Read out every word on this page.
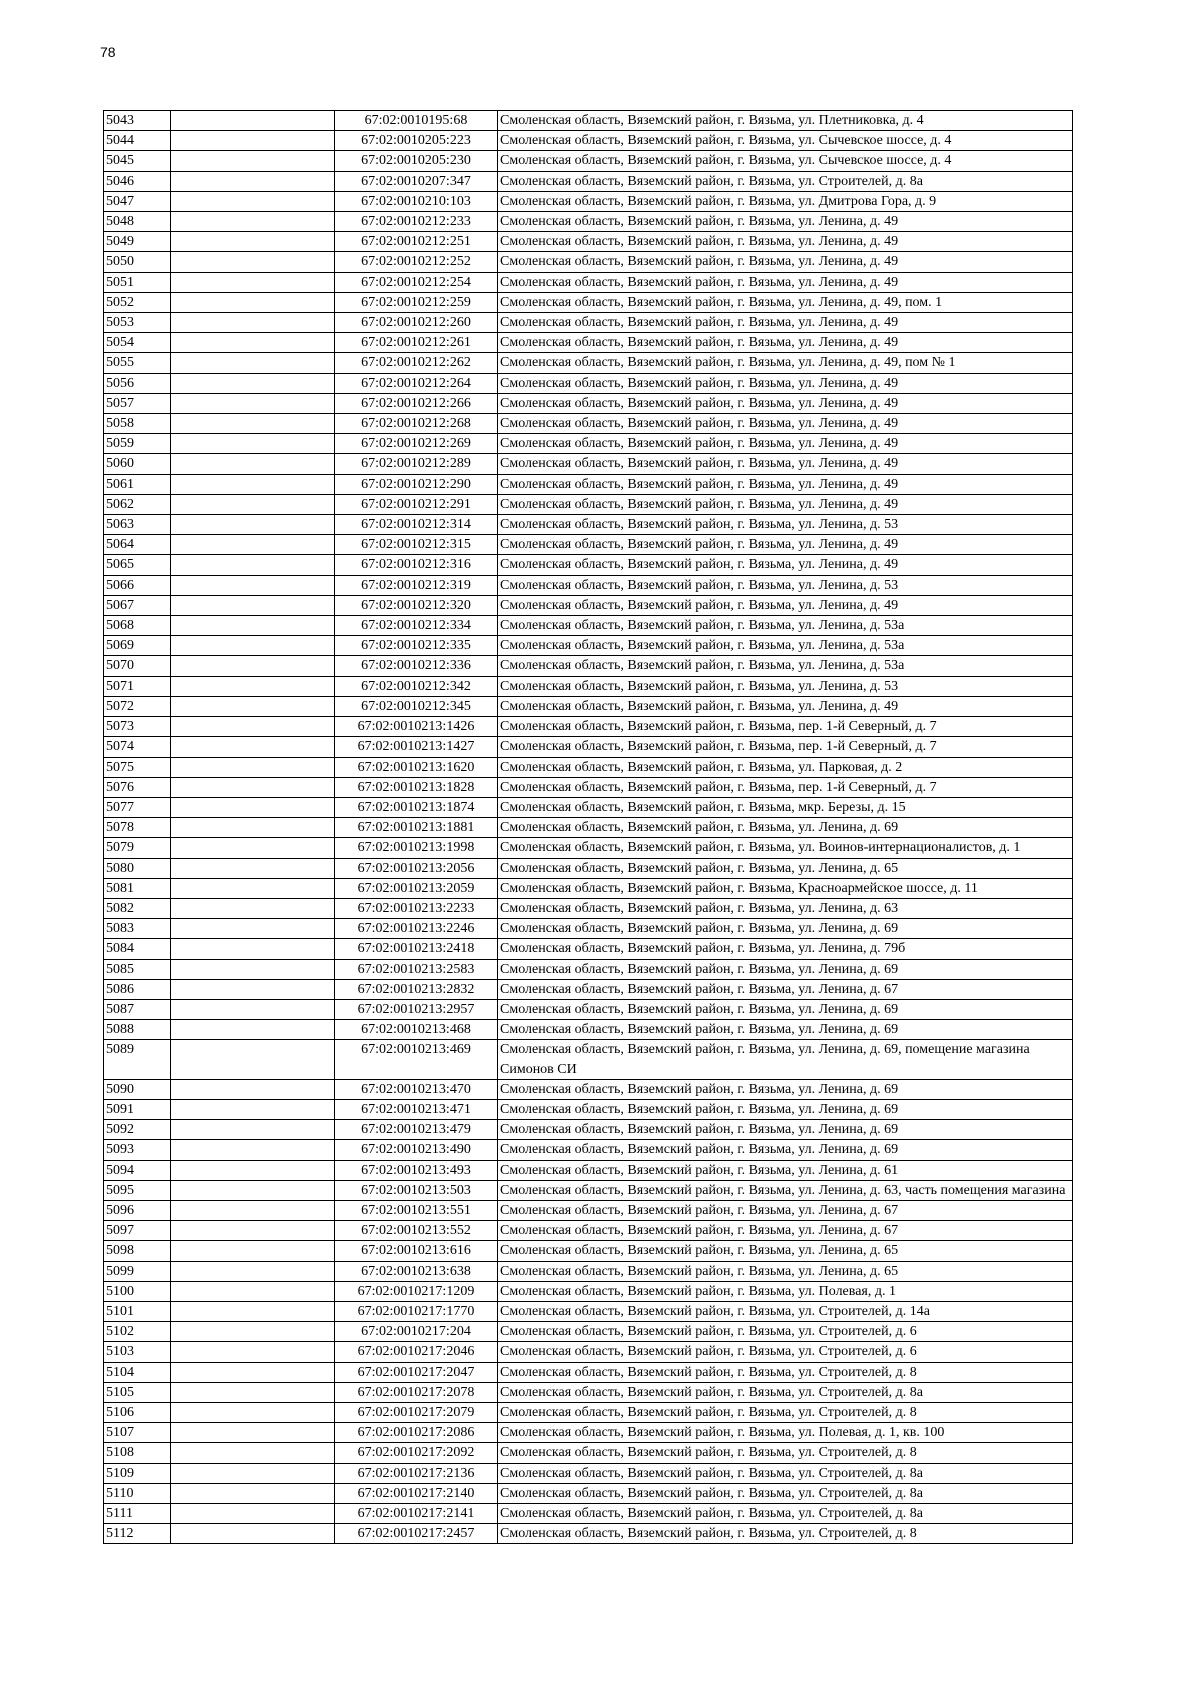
78
5043		67:02:0010195:68	Смоленская область, Вяземский район, г. Вязьма, ул. Плетниковка, д. 4
5044		67:02:0010205:223	Смоленская область, Вяземский район, г. Вязьма, ул. Сычевское шоссе, д. 4
5045		67:02:0010205:230	Смоленская область, Вяземский район, г. Вязьма, ул. Сычевское шоссе, д. 4
5046		67:02:0010207:347	Смоленская область, Вяземский район, г. Вязьма, ул. Строителей, д. 8а
5047		67:02:0010210:103	Смоленская область, Вяземский район, г. Вязьма, ул. Дмитрова Гора, д. 9
5048		67:02:0010212:233	Смоленская область, Вяземский район, г. Вязьма, ул. Ленина, д. 49
5049		67:02:0010212:251	Смоленская область, Вяземский район, г. Вязьма, ул. Ленина, д. 49
5050		67:02:0010212:252	Смоленская область, Вяземский район, г. Вязьма, ул. Ленина, д. 49
5051		67:02:0010212:254	Смоленская область, Вяземский район, г. Вязьма, ул. Ленина, д. 49
5052		67:02:0010212:259	Смоленская область, Вяземский район, г. Вязьма, ул. Ленина, д. 49, пом. 1
5053		67:02:0010212:260	Смоленская область, Вяземский район, г. Вязьма, ул. Ленина, д. 49
5054		67:02:0010212:261	Смоленская область, Вяземский район, г. Вязьма, ул. Ленина, д. 49
5055		67:02:0010212:262	Смоленская область, Вяземский район, г. Вязьма, ул. Ленина, д. 49, пом № 1
5056		67:02:0010212:264	Смоленская область, Вяземский район, г. Вязьма, ул. Ленина, д. 49
5057		67:02:0010212:266	Смоленская область, Вяземский район, г. Вязьма, ул. Ленина, д. 49
5058		67:02:0010212:268	Смоленская область, Вяземский район, г. Вязьма, ул. Ленина, д. 49
5059		67:02:0010212:269	Смоленская область, Вяземский район, г. Вязьма, ул. Ленина, д. 49
5060		67:02:0010212:289	Смоленская область, Вяземский район, г. Вязьма, ул. Ленина, д. 49
5061		67:02:0010212:290	Смоленская область, Вяземский район, г. Вязьма, ул. Ленина, д. 49
5062		67:02:0010212:291	Смоленская область, Вяземский район, г. Вязьма, ул. Ленина, д. 49
5063		67:02:0010212:314	Смоленская область, Вяземский район, г. Вязьма, ул. Ленина, д. 53
5064		67:02:0010212:315	Смоленская область, Вяземский район, г. Вязьма, ул. Ленина, д. 49
5065		67:02:0010212:316	Смоленская область, Вяземский район, г. Вязьма, ул. Ленина, д. 49
5066		67:02:0010212:319	Смоленская область, Вяземский район, г. Вязьма, ул. Ленина, д. 53
5067		67:02:0010212:320	Смоленская область, Вяземский район, г. Вязьма, ул. Ленина, д. 49
5068		67:02:0010212:334	Смоленская область, Вяземский район, г. Вязьма, ул. Ленина, д. 53а
5069		67:02:0010212:335	Смоленская область, Вяземский район, г. Вязьма, ул. Ленина, д. 53а
5070		67:02:0010212:336	Смоленская область, Вяземский район, г. Вязьма, ул. Ленина, д. 53а
5071		67:02:0010212:342	Смоленская область, Вяземский район, г. Вязьма, ул. Ленина, д. 53
5072		67:02:0010212:345	Смоленская область, Вяземский район, г. Вязьма, ул. Ленина, д. 49
5073		67:02:0010213:1426	Смоленская область, Вяземский район, г. Вязьма, пер. 1-й Северный, д. 7
5074		67:02:0010213:1427	Смоленская область, Вяземский район, г. Вязьма, пер. 1-й Северный, д. 7
5075		67:02:0010213:1620	Смоленская область, Вяземский район, г. Вязьма, ул. Парковая, д. 2
5076		67:02:0010213:1828	Смоленская область, Вяземский район, г. Вязьма, пер. 1-й Северный, д. 7
5077		67:02:0010213:1874	Смоленская область, Вяземский район, г. Вязьма, мкр. Березы, д. 15
5078		67:02:0010213:1881	Смоленская область, Вяземский район, г. Вязьма, ул. Ленина, д. 69
5079		67:02:0010213:1998	Смоленская область, Вяземский район, г. Вязьма, ул. Воинов-интернационалистов, д. 1
5080		67:02:0010213:2056	Смоленская область, Вяземский район, г. Вязьма, ул. Ленина, д. 65
5081		67:02:0010213:2059	Смоленская область, Вяземский район, г. Вязьма, Красноармейское шоссе, д. 11
5082		67:02:0010213:2233	Смоленская область, Вяземский район, г. Вязьма, ул. Ленина, д. 63
5083		67:02:0010213:2246	Смоленская область, Вяземский район, г. Вязьма, ул. Ленина, д. 69
5084		67:02:0010213:2418	Смоленская область, Вяземский район, г. Вязьма, ул. Ленина, д. 79б
5085		67:02:0010213:2583	Смоленская область, Вяземский район, г. Вязьма, ул. Ленина, д. 69
5086		67:02:0010213:2832	Смоленская область, Вяземский район, г. Вязьма, ул. Ленина, д. 67
5087		67:02:0010213:2957	Смоленская область, Вяземский район, г. Вязьма, ул. Ленина, д. 69
5088		67:02:0010213:468	Смоленская область, Вяземский район, г. Вязьма, ул. Ленина, д. 69
5089		67:02:0010213:469	Смоленская область, Вяземский район, г. Вязьма, ул. Ленина, д. 69, помещение магазина Симонов СИ
5090		67:02:0010213:470	Смоленская область, Вяземский район, г. Вязьма, ул. Ленина, д. 69
5091		67:02:0010213:471	Смоленская область, Вяземский район, г. Вязьма, ул. Ленина, д. 69
5092		67:02:0010213:479	Смоленская область, Вяземский район, г. Вязьма, ул. Ленина, д. 69
5093		67:02:0010213:490	Смоленская область, Вяземский район, г. Вязьма, ул. Ленина, д. 69
5094		67:02:0010213:493	Смоленская область, Вяземский район, г. Вязьма, ул. Ленина, д. 61
5095		67:02:0010213:503	Смоленская область, Вяземский район, г. Вязьма, ул. Ленина, д. 63, часть помещения магазина
5096		67:02:0010213:551	Смоленская область, Вяземский район, г. Вязьма, ул. Ленина, д. 67
5097		67:02:0010213:552	Смоленская область, Вяземский район, г. Вязьма, ул. Ленина, д. 67
5098		67:02:0010213:616	Смоленская область, Вяземский район, г. Вязьма, ул. Ленина, д. 65
5099		67:02:0010213:638	Смоленская область, Вяземский район, г. Вязьма, ул. Ленина, д. 65
5100		67:02:0010217:1209	Смоленская область, Вяземский район, г. Вязьма, ул. Полевая, д. 1
5101		67:02:0010217:1770	Смоленская область, Вяземский район, г. Вязьма, ул. Строителей, д. 14а
5102		67:02:0010217:204	Смоленская область, Вяземский район, г. Вязьма, ул. Строителей, д. 6
5103		67:02:0010217:2046	Смоленская область, Вяземский район, г. Вязьма, ул. Строителей, д. 6
5104		67:02:0010217:2047	Смоленская область, Вяземский район, г. Вязьма, ул. Строителей, д. 8
5105		67:02:0010217:2078	Смоленская область, Вяземский район, г. Вязьма, ул. Строителей, д. 8а
5106		67:02:0010217:2079	Смоленская область, Вяземский район, г. Вязьма, ул. Строителей, д. 8
5107		67:02:0010217:2086	Смоленская область, Вяземский район, г. Вязьма, ул. Полевая, д. 1, кв. 100
5108		67:02:0010217:2092	Смоленская область, Вяземский район, г. Вязьма, ул. Строителей, д. 8
5109		67:02:0010217:2136	Смоленская область, Вяземский район, г. Вязьма, ул. Строителей, д. 8а
5110		67:02:0010217:2140	Смоленская область, Вяземский район, г. Вязьма, ул. Строителей, д. 8а
5111		67:02:0010217:2141	Смоленская область, Вяземский район, г. Вязьма, ул. Строителей, д. 8а
5112		67:02:0010217:2457	Смоленская область, Вяземский район, г. Вязьма, ул. Строителей, д. 8
